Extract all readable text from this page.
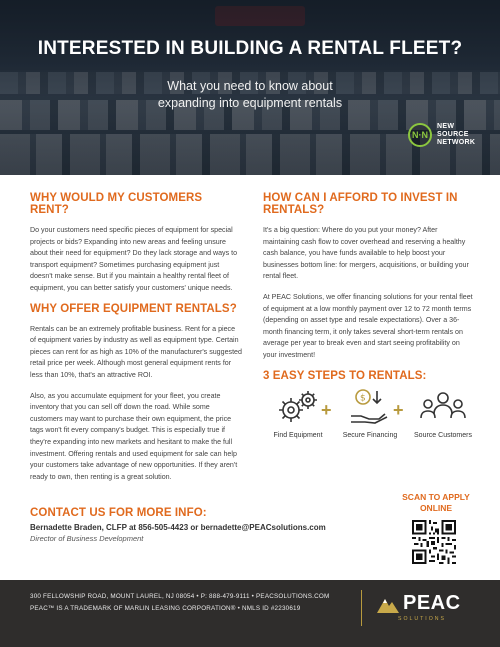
INTERESTED IN BUILDING A RENTAL FLEET?
What you need to know about expanding into equipment rentals
N·N
NEW
SOURCE
NETWORK
WHY WOULD MY CUSTOMERS RENT?
Do your customers need specific pieces of equipment for special projects or bids? Expanding into new areas and feeling unsure about their need for equipment? Do they lack storage and ways to transport equipment? Sometimes purchasing equipment just doesn't make sense. But if you maintain a healthy rental fleet of equipment, you can better satisfy your customers' unique needs.
WHY OFFER EQUIPMENT RENTALS?
Rentals can be an extremely profitable business. Rent for a piece of equipment varies by industry as well as equipment type. Certain pieces can rent for as high as 10% of the manufacturer's suggested retail price per week. Although most general equipment rents for less than 10%, that's an attractive ROI.
Also, as you accumulate equipment for your fleet, you create inventory that you can sell off down the road. While some customers may want to purchase their own equipment, the price tags won't fit every company's budget. This is especially true if they're expanding into new markets and hesitant to make the full investment. Offering rentals and used equipment for sale can help your customers take advantage of new opportunities. If they aren't ready to own, then renting is a great solution.
HOW CAN I AFFORD TO INVEST IN RENTALS?
It's a big question: Where do you put your money? After maintaining cash flow to cover overhead and reserving a healthy cash balance, you have funds available to help boost your businesses bottom line: for mergers, acquisitions, or building your rental fleet.
At PEAC Solutions, we offer financing solutions for your rental fleet of equipment at a low monthly payment over 12 to 72 month terms (depending on asset type and resale expectations). Over a 36-month financing term, it only takes several short-term rentals on average per year to break even and start seeing profitability on your investment!
3 EASY STEPS TO RENTALS:
Find Equipment
+
$
Secure Financing
+
Source Customers
CONTACT US FOR MORE INFO:
Bernadette Braden, CLFP at 856-505-4423 or bernadette@PEACsolutions.com
Director of Business Development
SCAN TO APPLY ONLINE
300 FELLOWSHIP ROAD, MOUNT LAUREL, NJ 08054 • P: 888-479-9111 • PEACSOLUTIONS.COM
PEAC™ IS A TRADEMARK OF MARLIN LEASING CORPORATION® • NMLS ID #2230619	PEAC
SOLUTIONS
